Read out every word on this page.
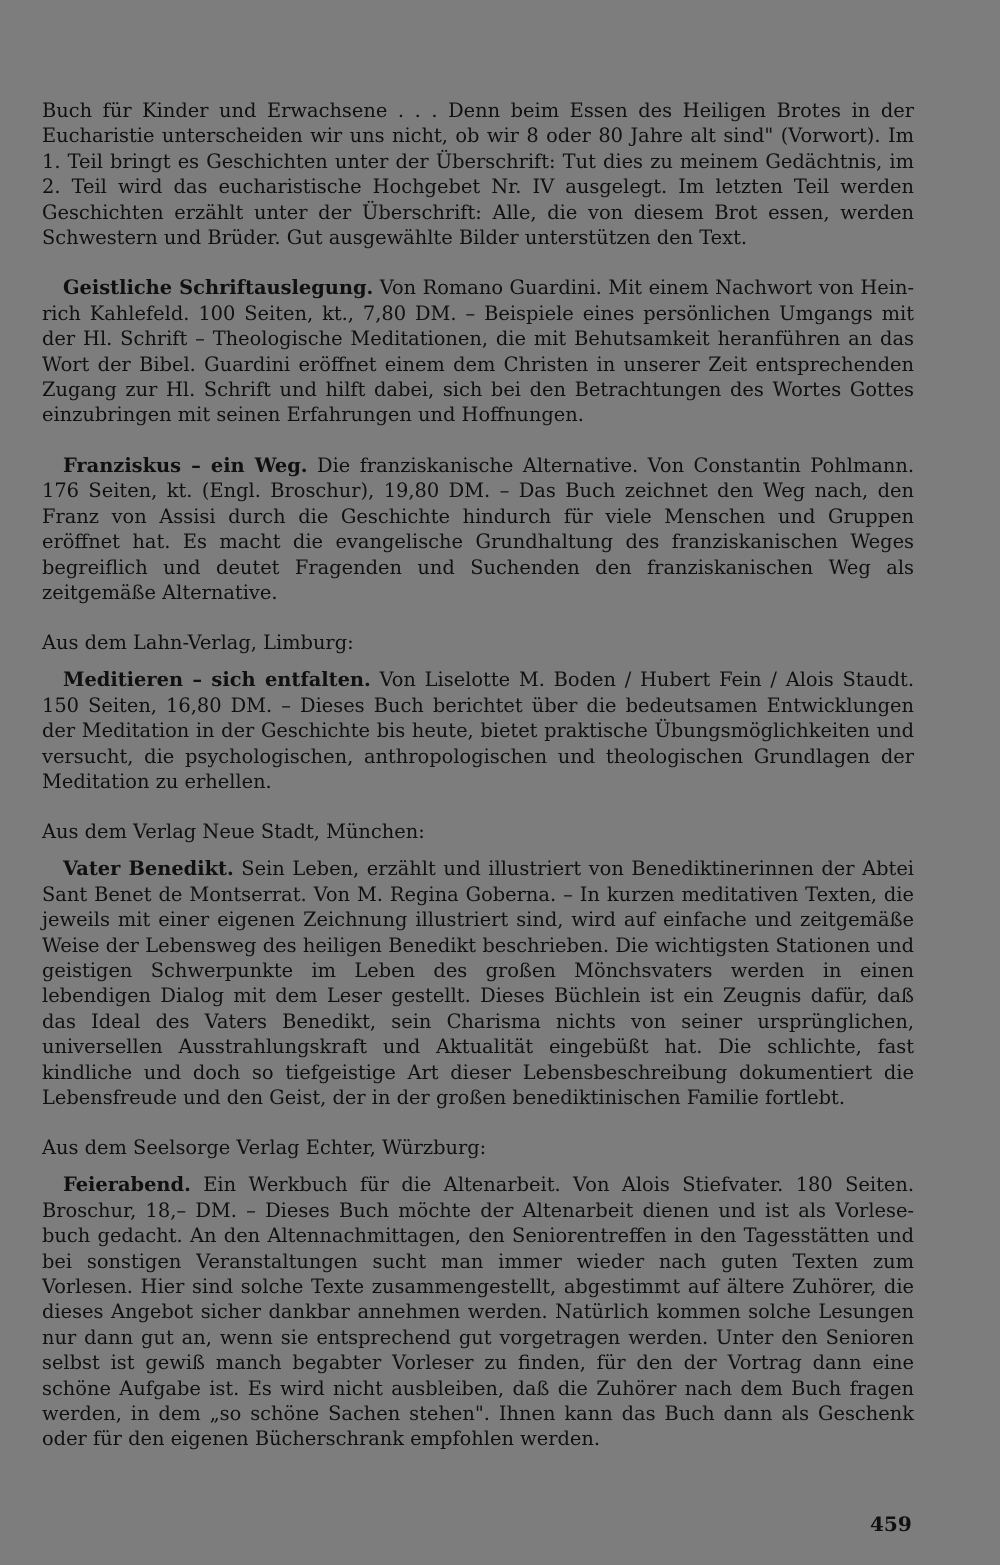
Buch für Kinder und Erwachsene . . . Denn beim Essen des Heiligen Brotes in der Eucharistie unterscheiden wir uns nicht, ob wir 8 oder 80 Jahre alt sind" (Vorwort). Im 1. Teil bringt es Geschichten unter der Überschrift: Tut dies zu meinem Gedächtnis, im 2. Teil wird das eucharistische Hochgebet Nr. IV ausgelegt. Im letzten Teil werden Geschichten erzählt unter der Überschrift: Alle, die von diesem Brot essen, werden Schwestern und Brüder. Gut ausgewählte Bilder unterstützen den Text.

Geistliche Schriftauslegung. Von Romano Guardini. Mit einem Nachwort von Heinrich Kahlefeld. 100 Seiten, kt., 7,80 DM. – Beispiele eines persönlichen Umgangs mit der Hl. Schrift – Theologische Meditationen, die mit Behutsamkeit heranführen an das Wort der Bibel. Guardini eröffnet einem dem Christen in unserer Zeit entsprechenden Zugang zur Hl. Schrift und hilft dabei, sich bei den Betrachtungen des Wortes Gottes einzubringen mit seinen Erfahrungen und Hoffnungen.

Franziskus – ein Weg. Die franziskanische Alternative. Von Constantin Pohlmann. 176 Seiten, kt. (Engl. Broschur), 19,80 DM. – Das Buch zeichnet den Weg nach, den Franz von Assisi durch die Geschichte hindurch für viele Menschen und Gruppen eröffnet hat. Es macht die evangelische Grundhaltung des franziskanischen Weges begreiflich und deutet Fragenden und Suchenden den franziskanischen Weg als zeitgemäße Alternative.

Aus dem Lahn-Verlag, Limburg:

Meditieren – sich entfalten. Von Liselotte M. Boden / Hubert Fein / Alois Staudt. 150 Seiten, 16,80 DM. – Dieses Buch berichtet über die bedeutsamen Entwicklungen der Meditation in der Geschichte bis heute, bietet praktische Übungsmöglichkeiten und versucht, die psychologischen, anthropologischen und theologischen Grundlagen der Meditation zu erhellen.

Aus dem Verlag Neue Stadt, München:

Vater Benedikt. Sein Leben, erzählt und illustriert von Benediktinerinnen der Abtei Sant Benet de Montserrat. Von M. Regina Goberna. – In kurzen meditativen Texten, die jeweils mit einer eigenen Zeichnung illustriert sind, wird auf einfache und zeitgemäße Weise der Lebensweg des heiligen Benedikt beschrieben. Die wichtigsten Stationen und geistigen Schwerpunkte im Leben des großen Mönchsvaters werden in einen lebendigen Dialog mit dem Leser gestellt. Dieses Büchlein ist ein Zeugnis dafür, daß das Ideal des Vaters Benedikt, sein Charisma nichts von seiner ursprünglichen, universellen Ausstrahlungskraft und Aktualität eingebüßt hat. Die schlichte, fast kindliche und doch so tiefgeistige Art dieser Lebensbeschreibung dokumentiert die Lebensfreude und den Geist, der in der großen benediktinischen Familie fortlebt.

Aus dem Seelsorge Verlag Echter, Würzburg:

Feierabend. Ein Werkbuch für die Altenarbeit. Von Alois Stiefvater. 180 Seiten. Broschur, 18,– DM. – Dieses Buch möchte der Altenarbeit dienen und ist als Vorlesebuch gedacht. An den Altennachmittagen, den Seniorentreffen in den Tagesstätten und bei sonstigen Veranstaltungen sucht man immer wieder nach guten Texten zum Vorlesen. Hier sind solche Texte zusammengestellt, abgestimmt auf ältere Zuhörer, die dieses Angebot sicher dankbar annehmen werden. Natürlich kommen solche Lesungen nur dann gut an, wenn sie entsprechend gut vorgetragen werden. Unter den Senioren selbst ist gewiß manch begabter Vorleser zu finden, für den der Vortrag dann eine schöne Aufgabe ist. Es wird nicht ausbleiben, daß die Zuhörer nach dem Buch fragen werden, in dem „so schöne Sachen stehen". Ihnen kann das Buch dann als Geschenk oder für den eigenen Bücherschrank empfohlen werden.

459
